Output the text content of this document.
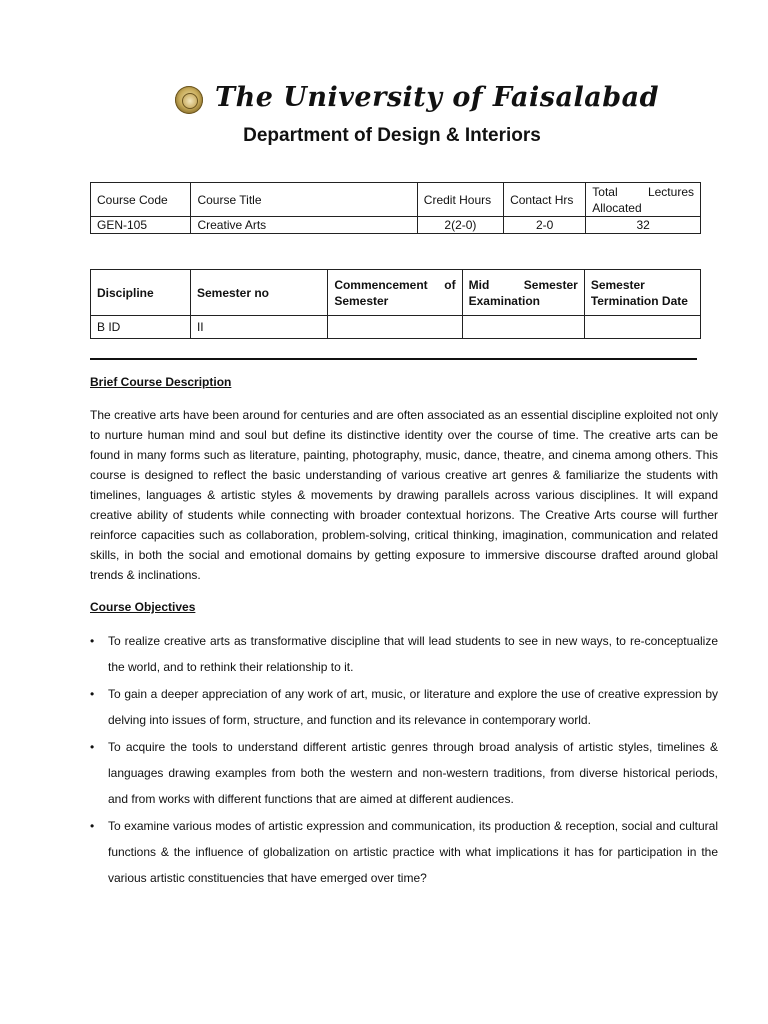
The University of Faisalabad
Department of Design & Interiors
Course Code	Course Title	Credit Hours	Contact Hrs	Total Lectures Allocated
GEN-105	Creative Arts	2(2-0)	2-0	32
Discipline	Semester no	Commencement of Semester	Mid Semester Examination	Semester Termination Date
B ID	II			
Brief Course Description

The creative arts have been around for centuries and are often associated as an essential discipline exploited not only to nurture human mind and soul but define its distinctive identity over the course of time. The creative arts can be found in many forms such as literature, painting, photography, music, dance, theatre, and cinema among others. This course is designed to reflect the basic understanding of various creative art genres & familiarize the students with timelines, languages & artistic styles & movements by drawing parallels across various disciplines. It will expand creative ability of students while connecting with broader contextual horizons. The Creative Arts course will further reinforce capacities such as collaboration, problem-solving, critical thinking, imagination, communication and related skills, in both the social and emotional domains by getting exposure to immersive discourse drafted around global trends & inclinations.

Course Objectives
• To realize creative arts as transformative discipline that will lead students to see in new ways, to re-conceptualize the world, and to rethink their relationship to it.
• To gain a deeper appreciation of any work of art, music, or literature and explore the use of creative expression by delving into issues of form, structure, and function and its relevance in contemporary world.
• To acquire the tools to understand different artistic genres through broad analysis of artistic styles, timelines & languages drawing examples from both the western and non-western traditions, from diverse historical periods, and from works with different functions that are aimed at different audiences.
• To examine various modes of artistic expression and communication, its production & reception, social and cultural functions & the influence of globalization on artistic practice with what implications it has for participation in the various artistic constituencies that have emerged over time?
